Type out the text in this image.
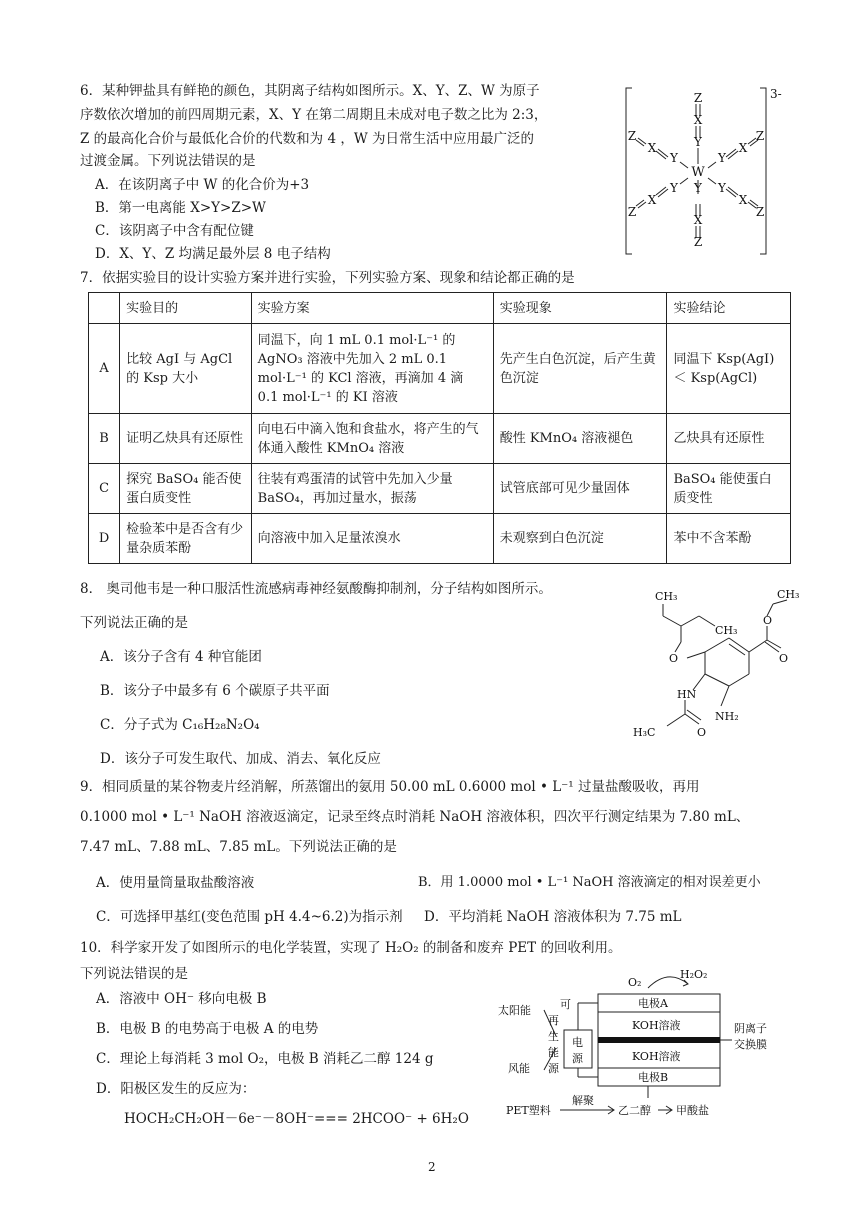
6．某种钾盐具有鲜艳的颜色，其阴离子结构如图所示。X、Y、Z、W 为原子
序数依次增加的前四周期元素，X、Y 在第二周期且未成对电子数之比为 2:3，
Z 的最高化合价与最低化合价的代数和为 4 ，W 为日常生活中应用最广泛的
过渡金属。下列说法错误的是
A．在该阴离子中 W 的化合价为+3
B．第一电离能 X>Y>Z>W
C．该阴离子中含有配位键
D．X、Y、Z 均满足最外层 8 电子结构
Z
X
Y
W
Y
X
Z
Y
X
Z
Y
X
Z
Y
X
Z
Y
X
Z
3-
7．依据实验目的设计实验方案并进行实验，下列实验方案、现象和结论都正确的是
	实验目的	实验方案	实验现象	实验结论
A	比较 AgI 与 AgCl 的 Ksp 大小	同温下，向 1 mL 0.1 mol·L⁻¹ 的 AgNO₃ 溶液中先加入 2 mL 0.1 mol·L⁻¹ 的 KCl 溶液，再滴加 4 滴 0.1 mol·L⁻¹ 的 KI 溶液	先产生白色沉淀，后产生黄色沉淀	同温下 Ksp(AgI) ＜ Ksp(AgCl)
B	证明乙炔具有还原性	向电石中滴入饱和食盐水，将产生的气体通入酸性 KMnO₄ 溶液	酸性 KMnO₄ 溶液褪色	乙炔具有还原性
C	探究 BaSO₄ 能否使蛋白质变性	往装有鸡蛋清的试管中先加入少量 BaSO₄，再加过量水，振荡	试管底部可见少量固体	BaSO₄ 能使蛋白质变性
D	检验苯中是否含有少量杂质苯酚	向溶液中加入足量浓溴水	未观察到白色沉淀	苯中不含苯酚
8． 奥司他韦是一种口服活性流感病毒神经氨酸酶抑制剂，分子结构如图所示。
下列说法正确的是
A．该分子含有 4 种官能团
B．该分子中最多有 6 个碳原子共平面
C．分子式为 C₁₆H₂₈N₂O₄
D．该分子可发生取代、加成、消去、氧化反应
CH₃
CH₃
CH₃
O
O
O
HN
O
H₃C
NH₂
9．相同质量的某谷物麦片经消解，所蒸馏出的氨用 50.00 mL 0.6000 mol • L⁻¹ 过量盐酸吸收，再用
0.1000 mol • L⁻¹ NaOH 溶液返滴定，记录至终点时消耗 NaOH 溶液体积，四次平行测定结果为 7.80 mL、
7.47 mL、7.88 mL、7.85 mL。下列说法正确的是
A．使用量筒量取盐酸溶液	B．用 1.0000 mol • L⁻¹ NaOH 溶液滴定的相对误差更小
C．可选择甲基红(变色范围 pH 4.4~6.2)为指示剂 D．平均消耗 NaOH 溶液体积为 7.75 mL
10．科学家开发了如图所示的电化学装置，实现了 H₂O₂ 的制备和废弃 PET 的回收利用。
下列说法错误的是
A．溶液中 OH⁻ 移向电极 B
B．电极 B 的电势高于电极 A 的电势
C．理论上每消耗 3 mol O₂，电极 B 消耗乙二醇 124 g
D．阳极区发生的反应为：
HOCH₂CH₂OH－6e⁻－8OH⁻=== 2HCOO⁻ + 6H₂O
O₂
H₂O₂
电极A
KOH溶液
KOH溶液
电极B
太阳能
风能
可
再
生
能
源
电
源
阴离子
交换膜
PET塑料
解聚
乙二醇 甲酸盐
2
